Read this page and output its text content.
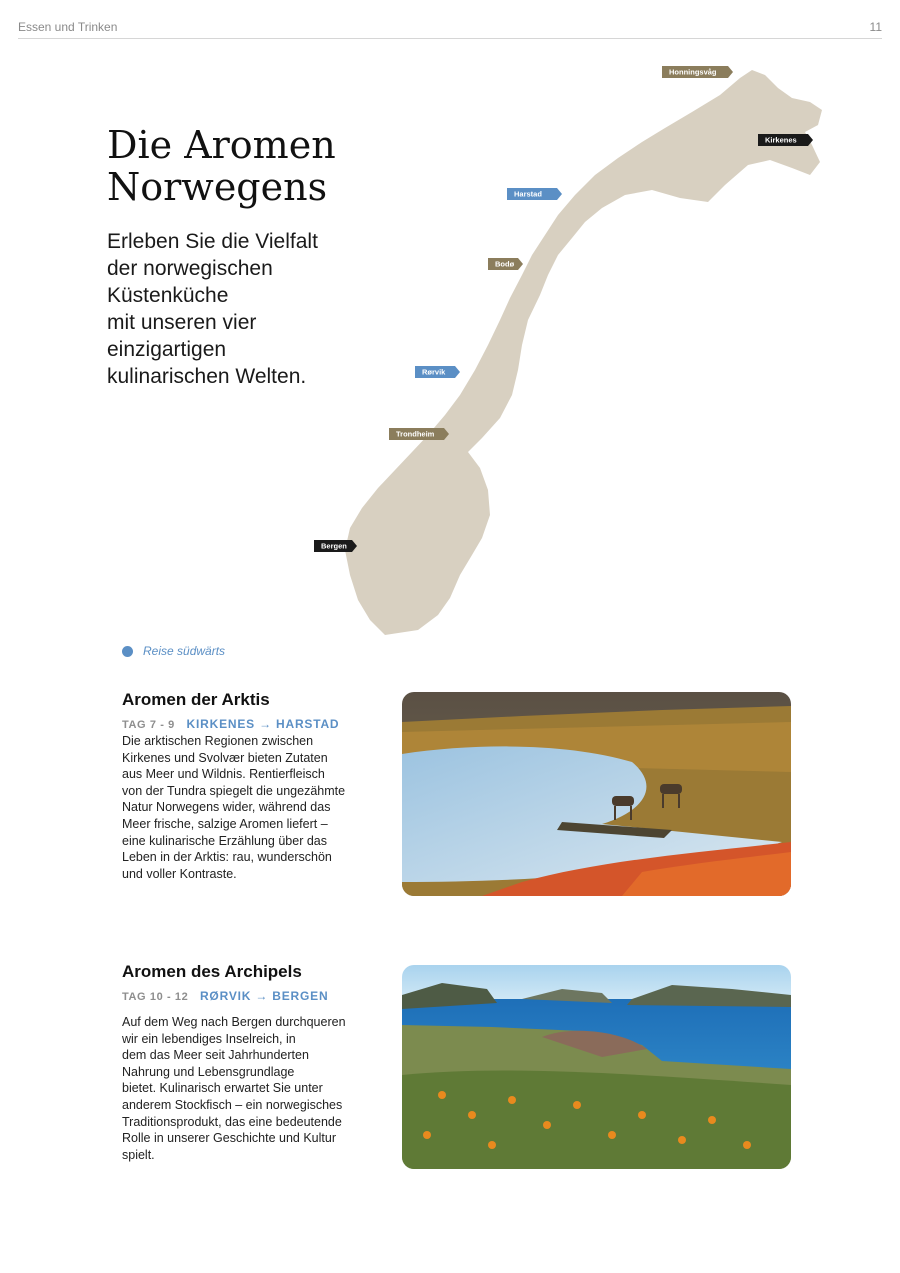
Essen und Trinken	11
Die Aromen
Norwegens

Erleben Sie die Vielfalt
der norwegischen
Küstenküche
mit unseren vier
einzigartigen
kulinarischen Welten.

Honningsvåg
Kirkenes
Harstad
Bodø
Rørvik
Trondheim
Bergen
Reise südwärts
Aromen der Arktis
TAG 7 - 9 KIRKENES → HARSTAD

Die arktischen Regionen zwischen
Kirkenes und Svolvær bieten Zutaten
aus Meer und Wildnis. Rentierfleisch
von der Tundra spiegelt die ungezähmte
Natur Norwegens wider, während das
Meer frische, salzige Aromen liefert –
eine kulinarische Erzählung über das
Leben in der Arktis: rau, wunderschön
und voller Kontraste.

Aromen des Archipels
TAG 10 - 12 RØRVIK → BERGEN

Auf dem Weg nach Bergen durchqueren
wir ein lebendiges Inselreich, in
dem das Meer seit Jahrhunderten
Nahrung und Lebensgrundlage
bietet. Kulinarisch erwartet Sie unter
anderem Stockfisch – ein norwegisches
Traditionsprodukt, das eine bedeutende
Rolle in unserer Geschichte und Kultur
spielt.
